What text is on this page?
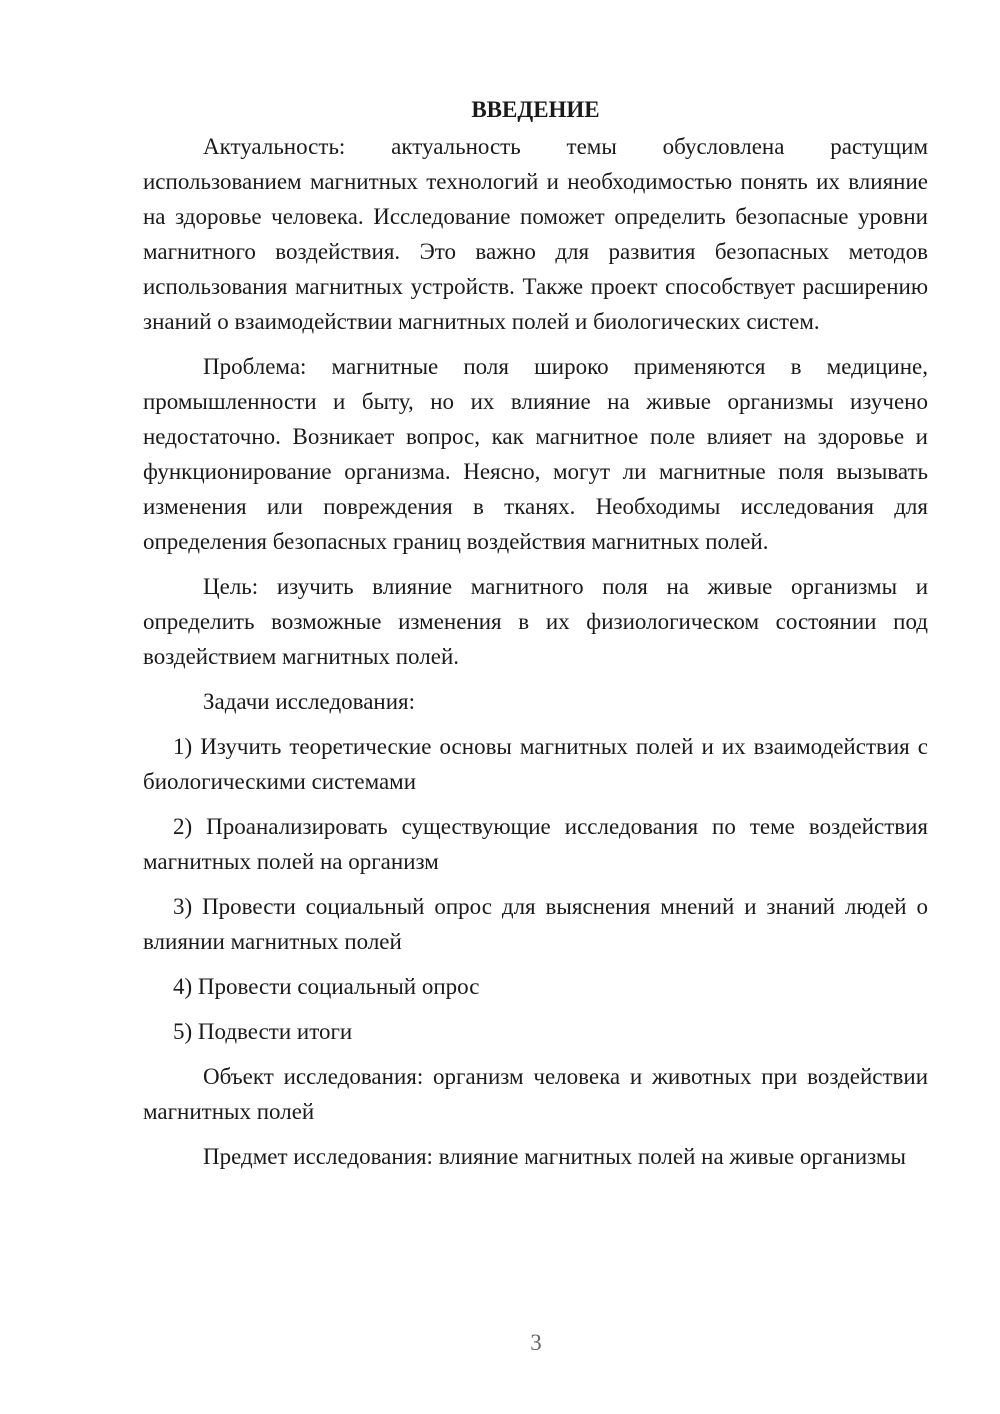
ВВЕДЕНИЕ

Актуальность: актуальность темы обусловлена растущим использованием магнитных технологий и необходимостью понять их влияние на здоровье человека. Исследование поможет определить безопасные уровни магнитного воздействия. Это важно для развития безопасных методов использования магнитных устройств. Также проект способствует расширению знаний о взаимодействии магнитных полей и биологических систем.

Проблема: магнитные поля широко применяются в медицине, промышленности и быту, но их влияние на живые организмы изучено недостаточно. Возникает вопрос, как магнитное поле влияет на здоровье и функционирование организма. Неясно, могут ли магнитные поля вызывать изменения или повреждения в тканях. Необходимы исследования для определения безопасных границ воздействия магнитных полей.

Цель: изучить влияние магнитного поля на живые организмы и определить возможные изменения в их физиологическом состоянии под воздействием магнитных полей.

Задачи исследования:

1) Изучить теоретические основы магнитных полей и их взаимодействия с биологическими системами

2) Проанализировать существующие исследования по теме воздействия магнитных полей на организм

3) Провести социальный опрос для выяснения мнений и знаний людей о влиянии магнитных полей

4) Провести социальный опрос

5) Подвести итоги

Объект исследования: организм человека и животных при воздействии магнитных полей

Предмет исследования: влияние магнитных полей на живые организмы

3
